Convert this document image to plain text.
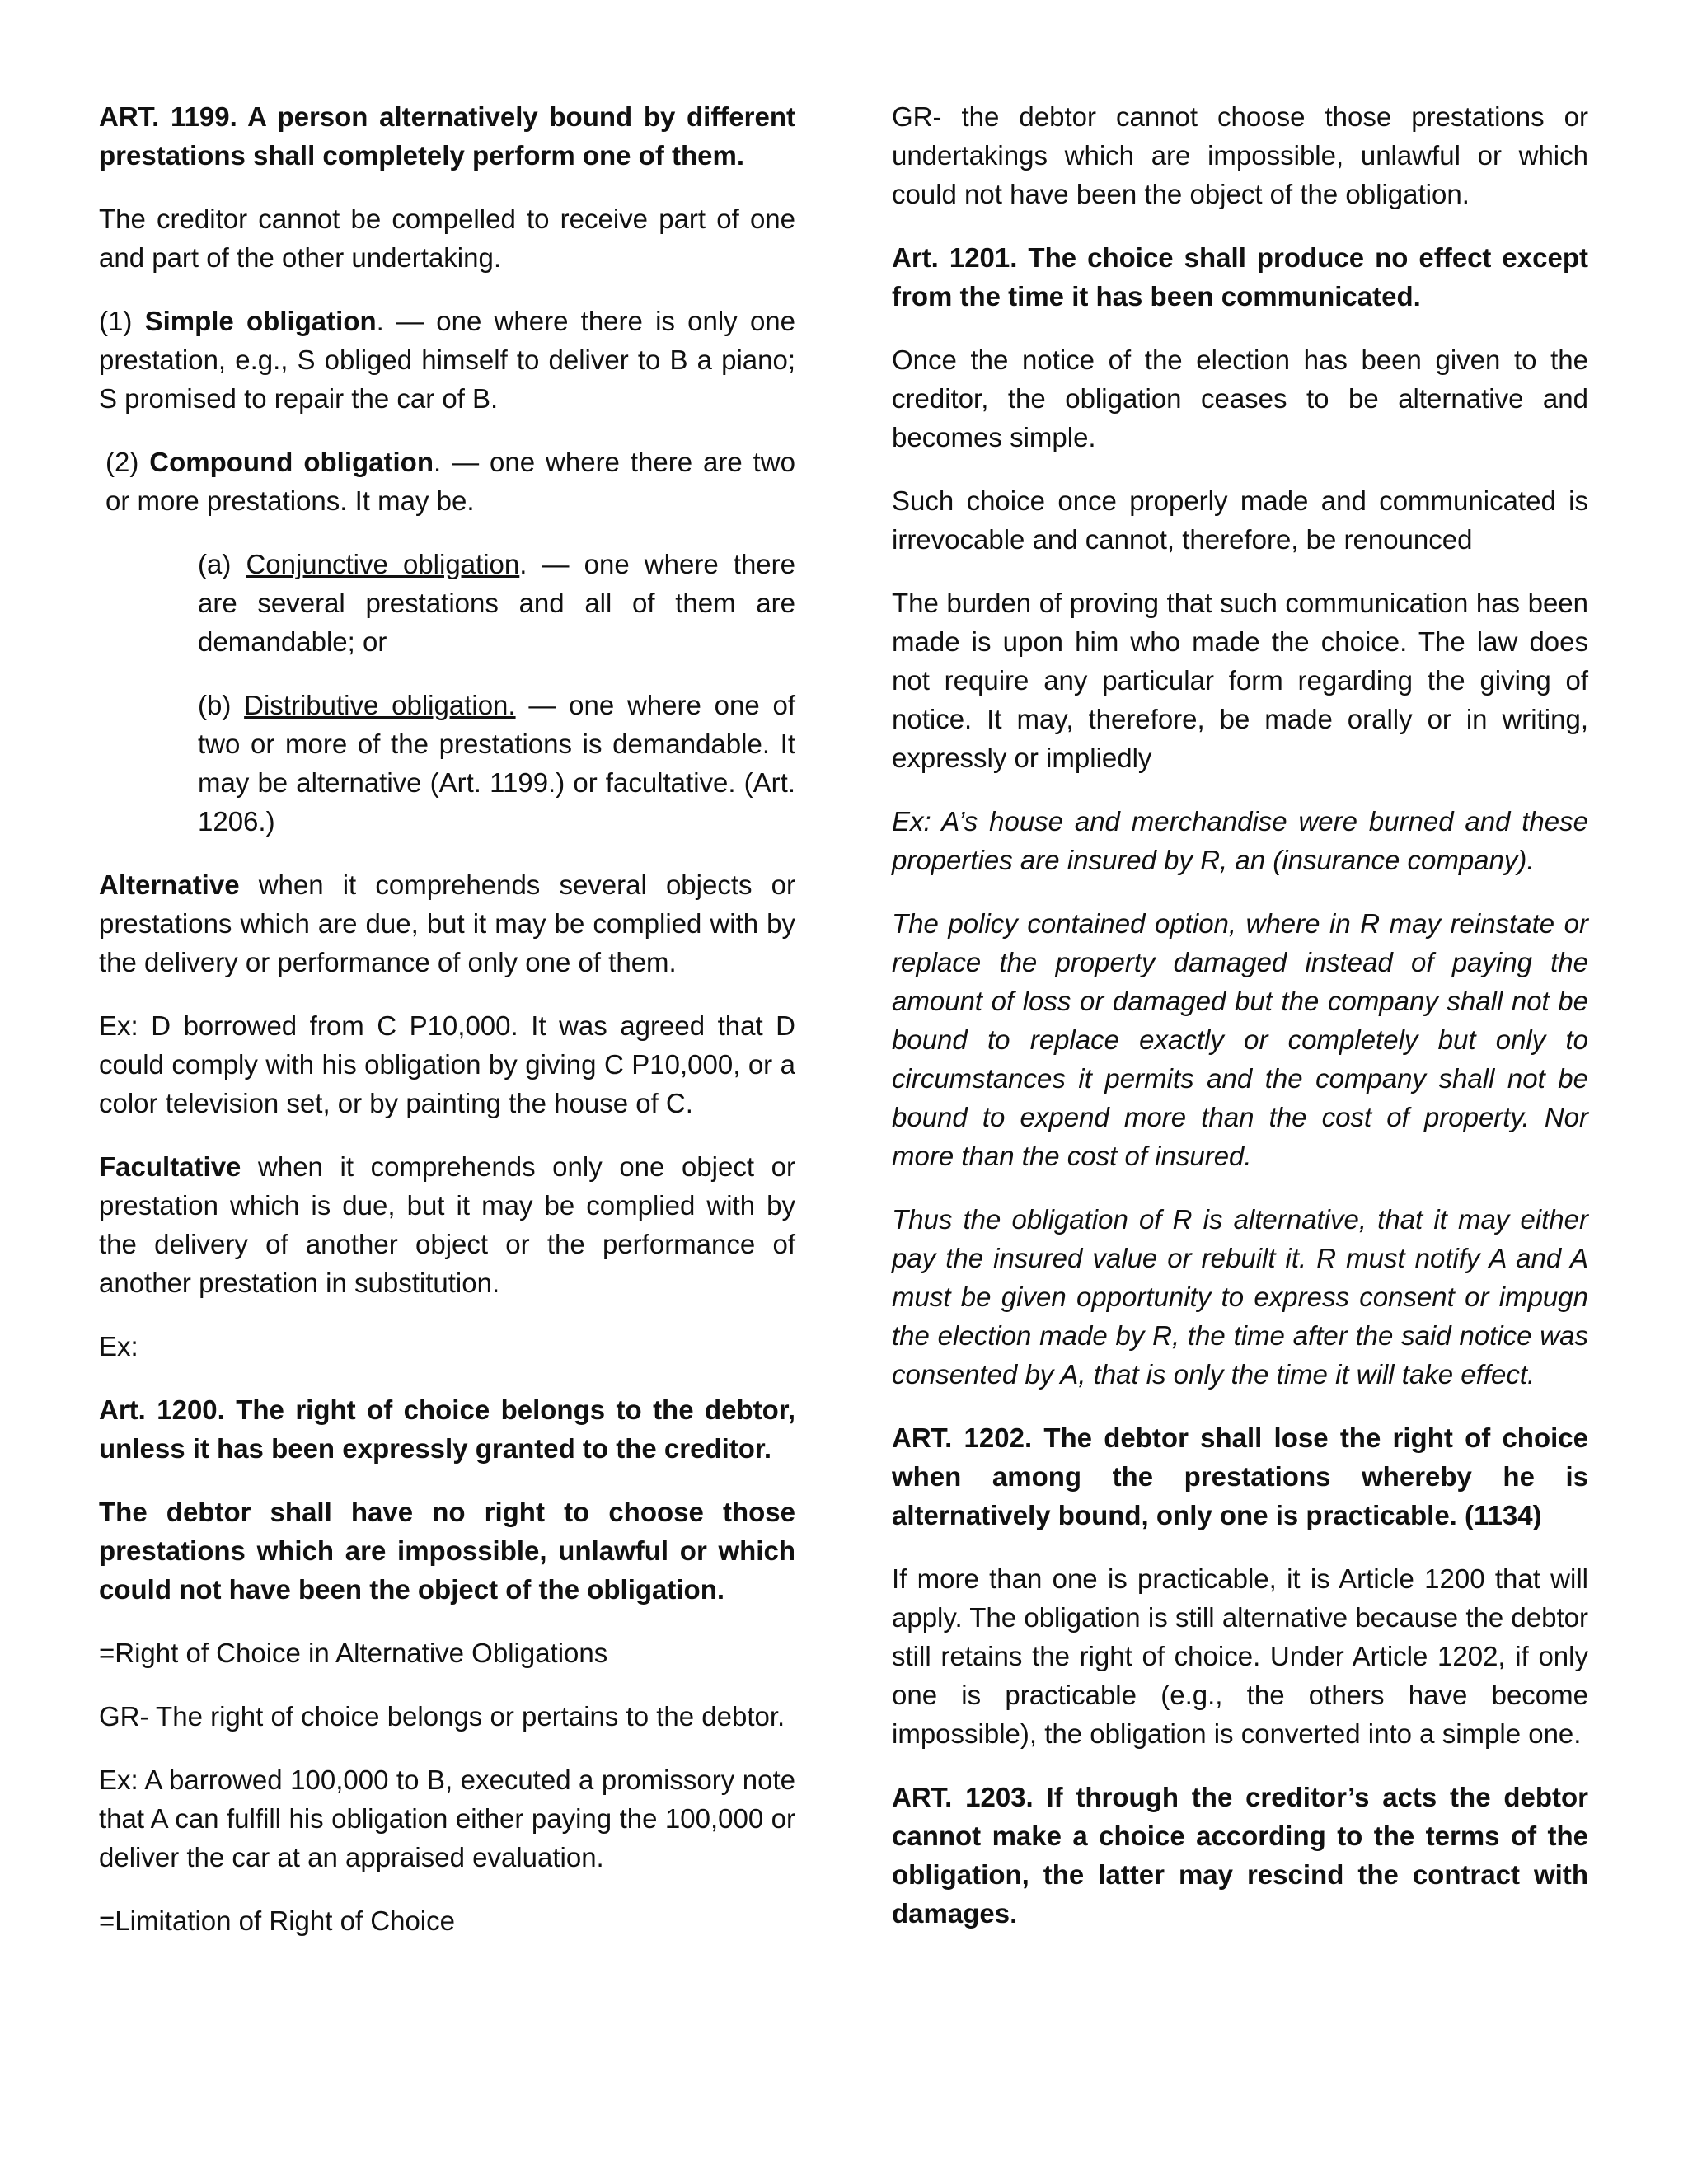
ART. 1199. A person alternatively bound by different prestations shall completely perform one of them.

The creditor cannot be compelled to receive part of one and part of the other undertaking.

(1) Simple obligation. — one where there is only one prestation, e.g., S obliged himself to deliver to B a piano; S promised to repair the car of B.

(2) Compound obligation. — one where there are two or more prestations. It may be.

(a) Conjunctive obligation. — one where there are several prestations and all of them are demandable; or

(b) Distributive obligation. — one where one of two or more of the prestations is demandable. It may be alternative (Art. 1199.) or facultative. (Art. 1206.)

Alternative when it comprehends several objects or prestations which are due, but it may be complied with by the delivery or performance of only one of them.

Ex: D borrowed from C P10,000. It was agreed that D could comply with his obligation by giving C P10,000, or a color television set, or by painting the house of C.

Facultative when it comprehends only one object or prestation which is due, but it may be complied with by the delivery of another object or the performance of another prestation in substitution.

Ex:

Art. 1200. The right of choice belongs to the debtor, unless it has been expressly granted to the creditor.

The debtor shall have no right to choose those prestations which are impossible, unlawful or which could not have been the object of the obligation.

=Right of Choice in Alternative Obligations

GR- The right of choice belongs or pertains to the debtor.

Ex: A barrowed 100,000 to B, executed a promissory note that A can fulfill his obligation either paying the 100,000 or deliver the car at an appraised evaluation.

=Limitation of Right of Choice

GR- the debtor cannot choose those prestations or undertakings which are impossible, unlawful or which could not have been the object of the obligation.

Art. 1201. The choice shall produce no effect except from the time it has been communicated.

Once the notice of the election has been given to the creditor, the obligation ceases to be alternative and becomes simple.

Such choice once properly made and communicated is irrevocable and cannot, therefore, be renounced

The burden of proving that such communication has been made is upon him who made the choice. The law does not require any particular form regarding the giving of notice. It may, therefore, be made orally or in writing, expressly or impliedly

Ex: A’s house and merchandise were burned and these properties are insured by R, an (insurance company).

The policy contained option, where in R may reinstate or replace the property damaged instead of paying the amount of loss or damaged but the company shall not be bound to replace exactly or completely but only to circumstances it permits and the company shall not be bound to expend more than the cost of property. Nor more than the cost of insured.

Thus the obligation of R is alternative, that it may either pay the insured value or rebuilt it. R must notify A and A must be given opportunity to express consent or impugn the election made by R, the time after the said notice was consented by A, that is only the time it will take effect.

ART. 1202. The debtor shall lose the right of choice when among the prestations whereby he is alternatively bound, only one is practicable. (1134)

If more than one is practicable, it is Article 1200 that will apply. The obligation is still alternative because the debtor still retains the right of choice. Under Article 1202, if only one is practicable (e.g., the others have become impossible), the obligation is converted into a simple one.

ART. 1203. If through the creditor’s acts the debtor cannot make a choice according to the terms of the obligation, the latter may rescind the contract with damages.
